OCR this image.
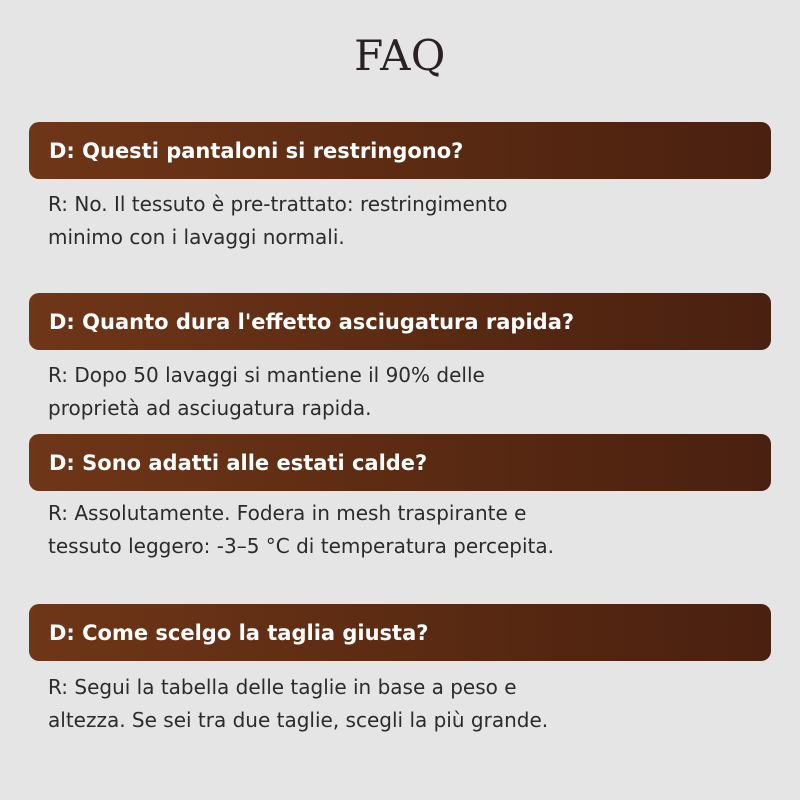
FAQ
D: Questi pantaloni si restringono?
R: No. Il tessuto è pre-trattato: restringimento
minimo con i lavaggi normali.
D: Quanto dura l'effetto asciugatura rapida?
R: Dopo 50 lavaggi si mantiene il 90% delle
proprietà ad asciugatura rapida.
D: Sono adatti alle estati calde?
R: Assolutamente. Fodera in mesh traspirante e
tessuto leggero: -3–5 °C di temperatura percepita.
D: Come scelgo la taglia giusta?
R: Segui la tabella delle taglie in base a peso e
altezza. Se sei tra due taglie, scegli la più grande.
